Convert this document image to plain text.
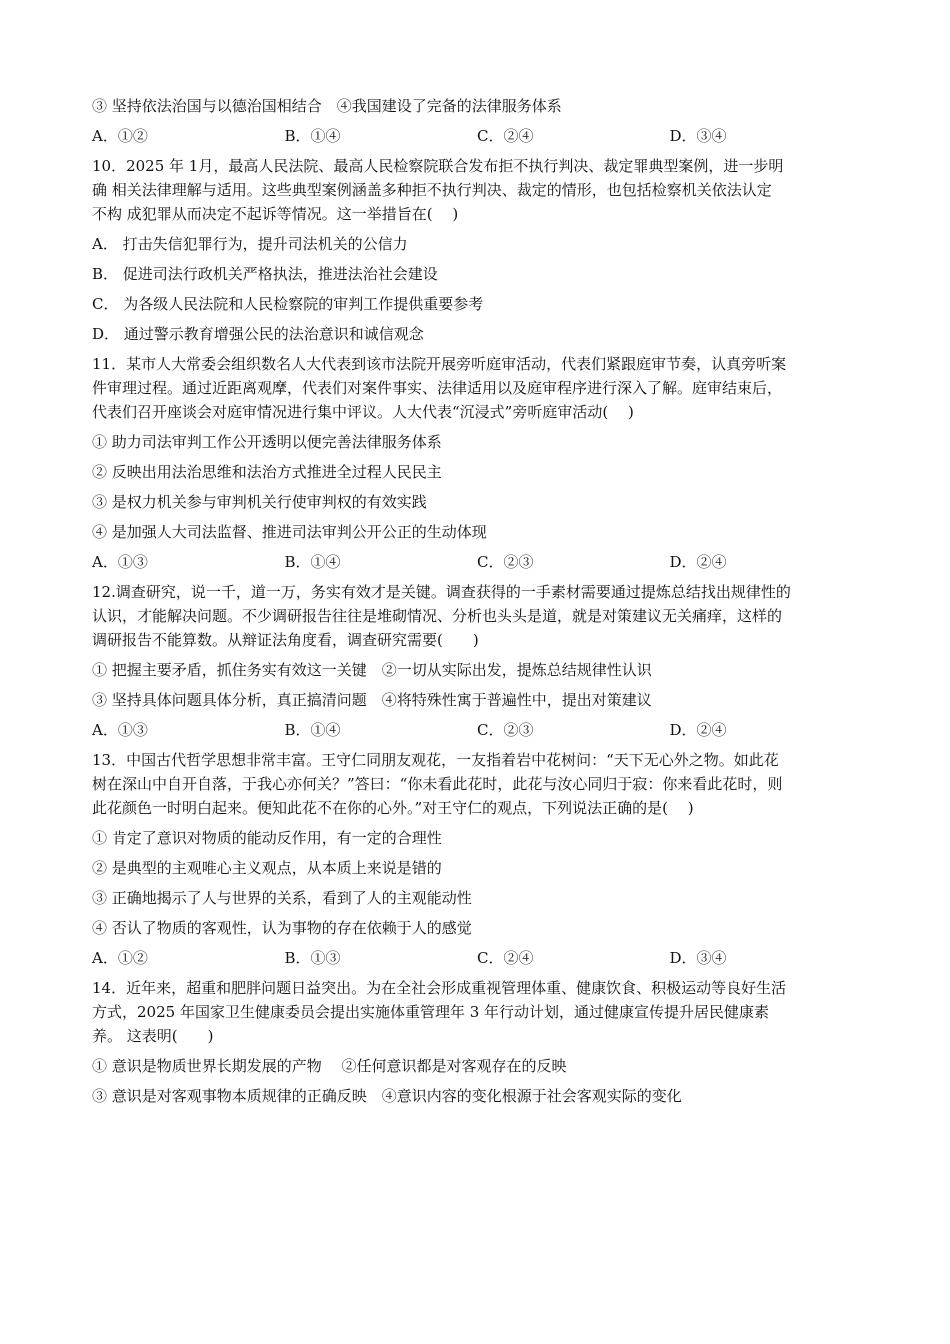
③ 坚持依法治国与以德治国相结合　④我国建设了完备的法律服务体系
A．①②	B．①④	C．②④	D．③④
10．2025 年 1月，最高人民法院、最高人民检察院联合发布拒不执行判决、裁定罪典型案例，进一步明
确 相关法律理解与适用。这些典型案例涵盖多种拒不执行判决、裁定的情形，也包括检察机关依法认定
不构 成犯罪从而决定不起诉等情况。这一举措旨在(　 )
A． 打击失信犯罪行为，提升司法机关的公信力
B． 促进司法行政机关严格执法，推进法治社会建设
C． 为各级人民法院和人民检察院的审判工作提供重要参考
D． 通过警示教育增强公民的法治意识和诚信观念
11．某市人大常委会组织数名人大代表到该市法院开展旁听庭审活动，代表们紧跟庭审节奏，认真旁听案
件审理过程。通过近距离观摩，代表们对案件事实、法律适用以及庭审程序进行深入了解。庭审结束后，
代表们召开座谈会对庭审情况进行集中评议。人大代表“沉浸式”旁听庭审活动(　 )
① 助力司法审判工作公开透明以便完善法律服务体系
② 反映出用法治思维和法治方式推进全过程人民民主
③ 是权力机关参与审判机关行使审判权的有效实践
④ 是加强人大司法监督、推进司法审判公开公正的生动体现
A．①③	B．①④	C．②③	D．②④
12.调查研究，说一千，道一万，务实有效才是关键。调查获得的一手素材需要通过提炼总结找出规律性的
认识，才能解决问题。不少调研报告往往是堆砌情况、分析也头头是道，就是对策建议无关痛痒，这样的
调研报告不能算数。从辩证法角度看，调查研究需要(　　)
① 把握主要矛盾，抓住务实有效这一关键　②一切从实际出发，提炼总结规律性认识
③ 坚持具体问题具体分析，真正搞清问题　④将特殊性寓于普遍性中，提出对策建议
A．①③	B．①④	C．②③	D．②④
13．中国古代哲学思想非常丰富。王守仁同朋友观花，一友指着岩中花树问：“天下无心外之物。如此花
树在深山中自开自落，于我心亦何关？”答曰：“你未看此花时，此花与汝心同归于寂：你来看此花时，则
此花颜色一时明白起来。便知此花不在你的心外。”对王守仁的观点，下列说法正确的是(　 )
① 肯定了意识对物质的能动反作用，有一定的合理性
② 是典型的主观唯心主义观点，从本质上来说是错的
③ 正确地揭示了人与世界的关系，看到了人的主观能动性
④ 否认了物质的客观性，认为事物的存在依赖于人的感觉
A．①②	B．①③	C．②④	D．③④
14．近年来，超重和肥胖问题日益突出。为在全社会形成重视管理体重、健康饮食、积极运动等良好生活
方式，2025 年国家卫生健康委员会提出实施体重管理年 3 年行动计划，通过健康宣传提升居民健康素
养。 这表明(　　)
① 意识是物质世界长期发展的产物　 ②任何意识都是对客观存在的反映
③ 意识是对客观事物本质规律的正确反映　④意识内容的变化根源于社会客观实际的变化
